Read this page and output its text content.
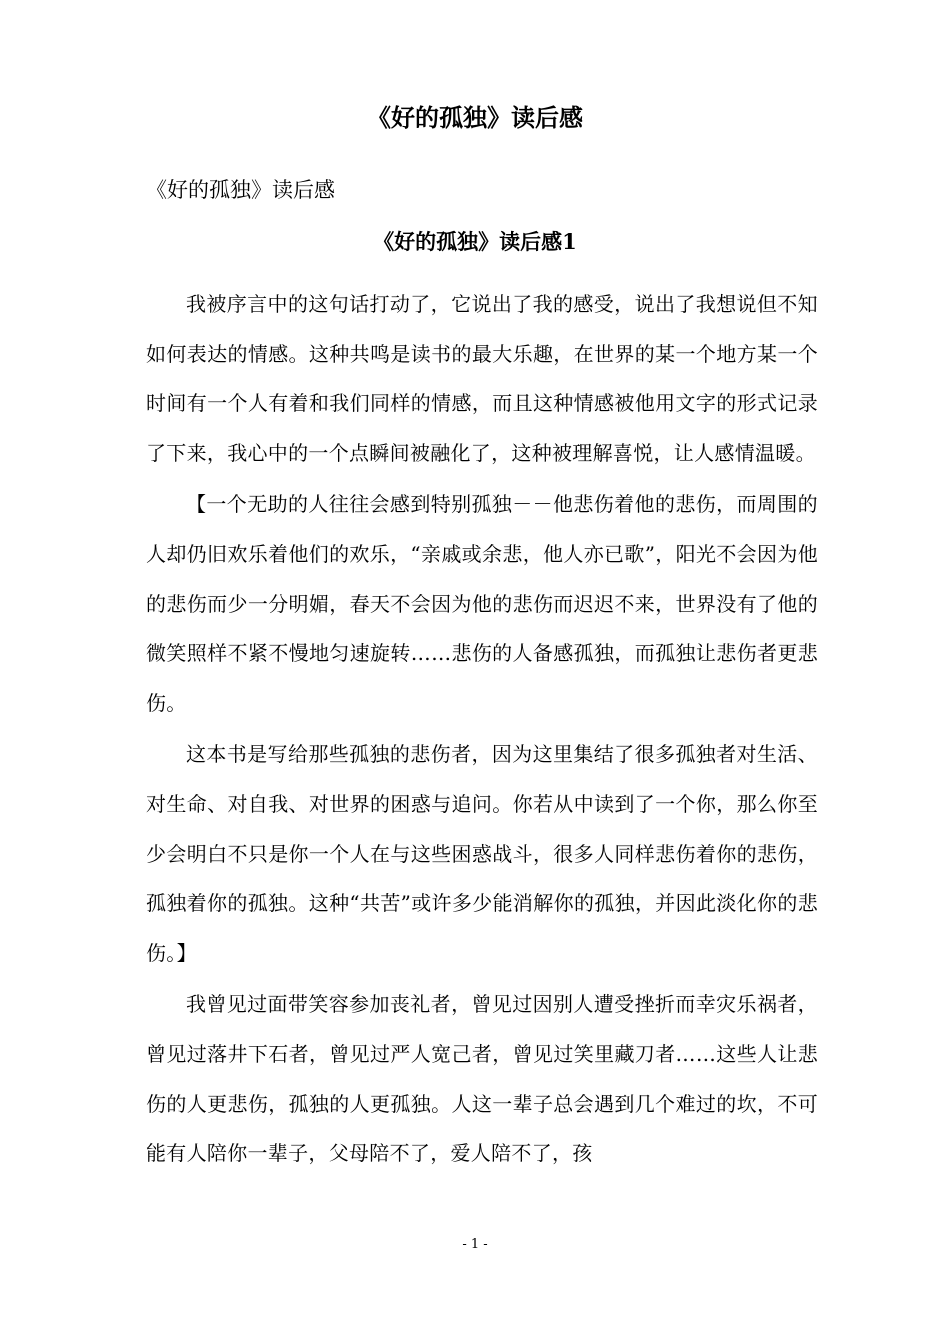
《好的孤独》读后感

《好的孤独》读后感

《好的孤独》读后感1

我被序言中的这句话打动了，它说出了我的感受，说出了我想说但不知如何表达的情感。这种共鸣是读书的最大乐趣，在世界的某一个地方某一个时间有一个人有着和我们同样的情感，而且这种情感被他用文字的形式记录了下来，我心中的一个点瞬间被融化了，这种被理解喜悦，让人感情温暖。

【一个无助的人往往会感到特别孤独－－他悲伤着他的悲伤，而周围的人却仍旧欢乐着他们的欢乐，“亲戚或余悲，他人亦已歌”，阳光不会因为他的悲伤而少一分明媚，春天不会因为他的悲伤而迟迟不来，世界没有了他的微笑照样不紧不慢地匀速旋转……悲伤的人备感孤独，而孤独让悲伤者更悲伤。

这本书是写给那些孤独的悲伤者，因为这里集结了很多孤独者对生活、对生命、对自我、对世界的困惑与追问。你若从中读到了一个你，那么你至少会明白不只是你一个人在与这些困惑战斗，很多人同样悲伤着你的悲伤，孤独着你的孤独。这种“共苦”或许多少能消解你的孤独，并因此淡化你的悲伤。】

我曾见过面带笑容参加丧礼者，曾见过因别人遭受挫折而幸灾乐祸者，曾见过落井下石者，曾见过严人宽己者，曾见过笑里藏刀者……这些人让悲伤的人更悲伤，孤独的人更孤独。人这一辈子总会遇到几个难过的坎，不可能有人陪你一辈子，父母陪不了，爱人陪不了，孩

- 1 -
